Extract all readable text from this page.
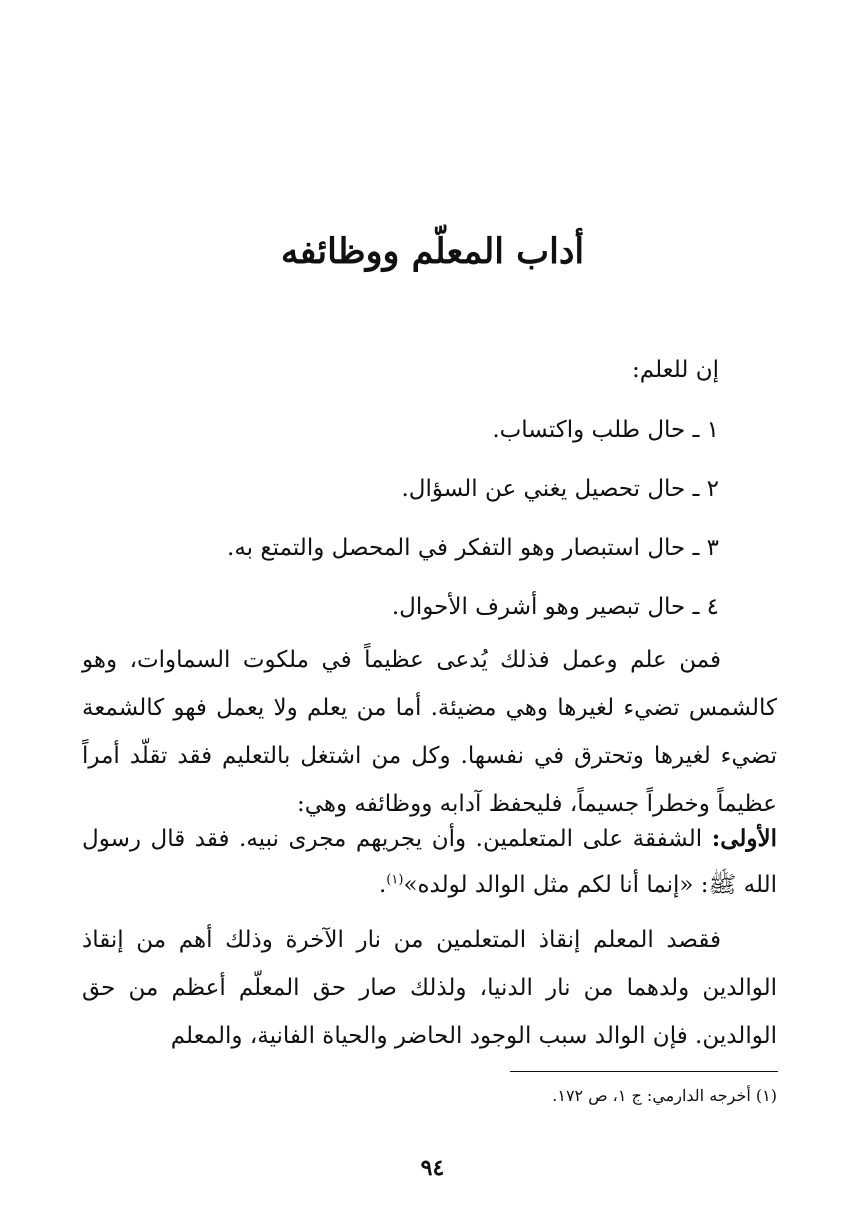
أداب المعلّم ووظائفه

إن للعلم:

١ ـ حال طلب واكتساب.

٢ ـ حال تحصيل يغني عن السؤال.

٣ ـ حال استبصار وهو التفكر في المحصل والتمتع به.

٤ ـ حال تبصير وهو أشرف الأحوال.

فمن علم وعمل فذلك يُدعى عظيماً في ملكوت السماوات، وهو كالشمس تضيء لغيرها وهي مضيئة. أما من يعلم ولا يعمل فهو كالشمعة تضيء لغيرها وتحترق في نفسها. وكل من اشتغل بالتعليم فقد تقلّد أمراً عظيماً وخطراً جسيماً، فليحفظ آدابه ووظائفه وهي:

الأولى: الشفقة على المتعلمين. وأن يجريهم مجرى نبيه. فقد قال رسول الله ﷺ: «إنما أنا لكم مثل الوالد لولده»$^{(١)}$.

فقصد المعلم إنقاذ المتعلمين من نار الآخرة وذلك أهم من إنقاذ الوالدين ولدهما من نار الدنيا، ولذلك صار حق المعلّم أعظم من حق الوالدين. فإن الوالد سبب الوجود الحاضر والحياة الفانية، والمعلم

(١) أخرجه الدارمي: ج ١، ص ١٧٢.

٩٤
